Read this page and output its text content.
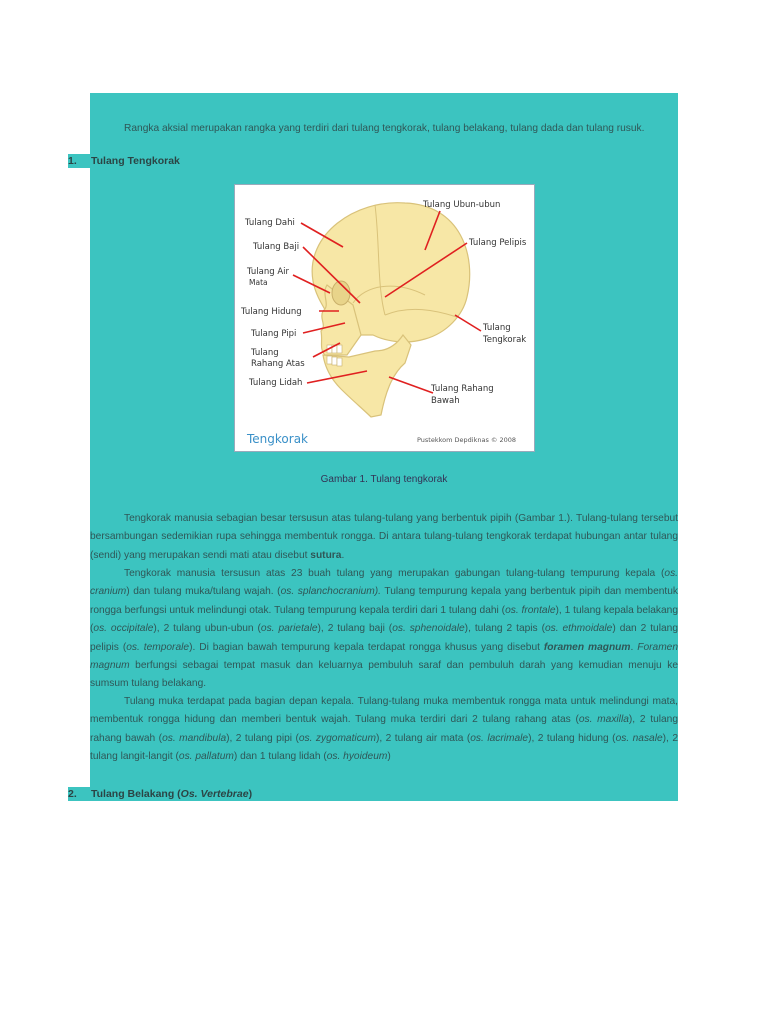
Rangka aksial merupakan rangka yang terdiri dari tulang tengkorak, tulang belakang, tulang dada dan tulang rusuk.
1. Tulang Tengkorak
Tulang Dahi
Tulang Baji
Tulang Air
Mata
Tulang Hidung
Tulang Pipi
Tulang
Rahang Atas
Tulang Lidah
Tulang Ubun-ubun
Tulang Pelipis
Tulang
Tengkorak
Tulang Rahang
Bawah
Tengkorak	Pustekkom Depdiknas © 2008
Gambar 1. Tulang tengkorak
Tengkorak manusia sebagian besar tersusun atas tulang-tulang yang berbentuk pipih (Gambar 1.). Tulang-tulang tersebut bersambungan sedemikian rupa sehingga membentuk rongga. Di antara tulang-tulang tengkorak terdapat hubungan antar tulang (sendi) yang merupakan sendi mati atau disebut sutura.
Tengkorak manusia tersusun atas 23 buah tulang yang merupakan gabungan tulang-tulang tempurung kepala (os. cranium) dan tulang muka/tulang wajah. (os. splanchocranium). Tulang tempurung kepala yang berbentuk pipih dan membentuk rongga berfungsi untuk melindungi otak. Tulang tempurung kepala terdiri dari 1 tulang dahi (os. frontale), 1 tulang kepala belakang (os. occipitale), 2 tulang ubun-ubun (os. parietale), 2 tulang baji (os. sphenoidale), tulang 2 tapis (os. ethmoidale) dan 2 tulang pelipis (os. temporale). Di bagian bawah tempurung kepala terdapat rongga khusus yang disebut foramen magnum. Foramen magnum berfungsi sebagai tempat masuk dan keluarnya pembuluh saraf dan pembuluh darah yang kemudian menuju ke sumsum tulang belakang.
Tulang muka terdapat pada bagian depan kepala. Tulang-tulang muka membentuk rongga mata untuk melindungi mata, membentuk rongga hidung dan memberi bentuk wajah. Tulang muka terdiri dari 2 tulang rahang atas (os. maxilla), 2 tulang rahang bawah (os. mandibula), 2 tulang pipi (os. zygomaticum), 2 tulang air mata (os. lacrimale), 2 tulang hidung (os. nasale), 2 tulang langit-langit (os. pallatum) dan 1 tulang lidah (os. hyoideum)
2. Tulang Belakang (Os. Vertebrae)
